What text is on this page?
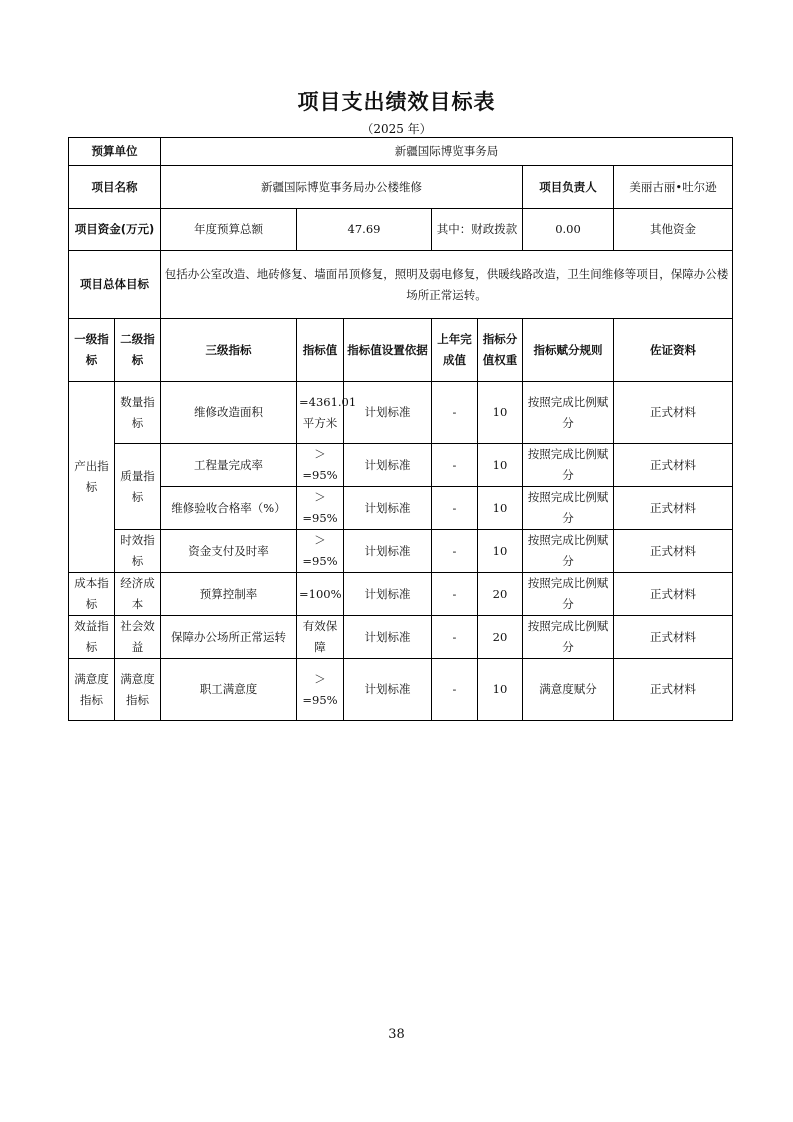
项目支出绩效目标表
（2025 年）
预算单位		新疆国际博览事务局							
项目名称		新疆国际博览事务局办公楼维修					项目负责人	美丽古丽•吐尔逊	
项目资金(万元)		年度预算总额	47.69		其中：财政拨款		0.00	其他资金	
项目总体目标		包括办公室改造、地砖修复、墙面吊顶修复，照明及弱电修复，供暖线路改造，卫生间维修等项目，保障办公楼场所正常运转。							
一级指标	二级指标	三级指标	指标值	指标值设置依据	上年完成值	指标分值权重	指标赋分规则	佐证资料	
产出指标	数量指标	维修改造面积	=4361.01 平方米	计划标准	-	10	按照完成比例赋分	正式材料	
	质量指标	工程量完成率	＞=95%	计划标准	-	10	按照完成比例赋分	正式材料	
		维修验收合格率（%）	＞=95%	计划标准	-	10	按照完成比例赋分	正式材料	
	时效指标	资金支付及时率	＞=95%	计划标准	-	10	按照完成比例赋分	正式材料	
成本指标	经济成本	预算控制率	=100%	计划标准	-	20	按照完成比例赋分	正式材料	
效益指标	社会效益	保障办公场所正常运转	有效保障	计划标准	-	20	按照完成比例赋分	正式材料	
满意度指标	满意度指标	职工满意度	＞=95%	计划标准	-	10	满意度赋分	正式材料	
38
